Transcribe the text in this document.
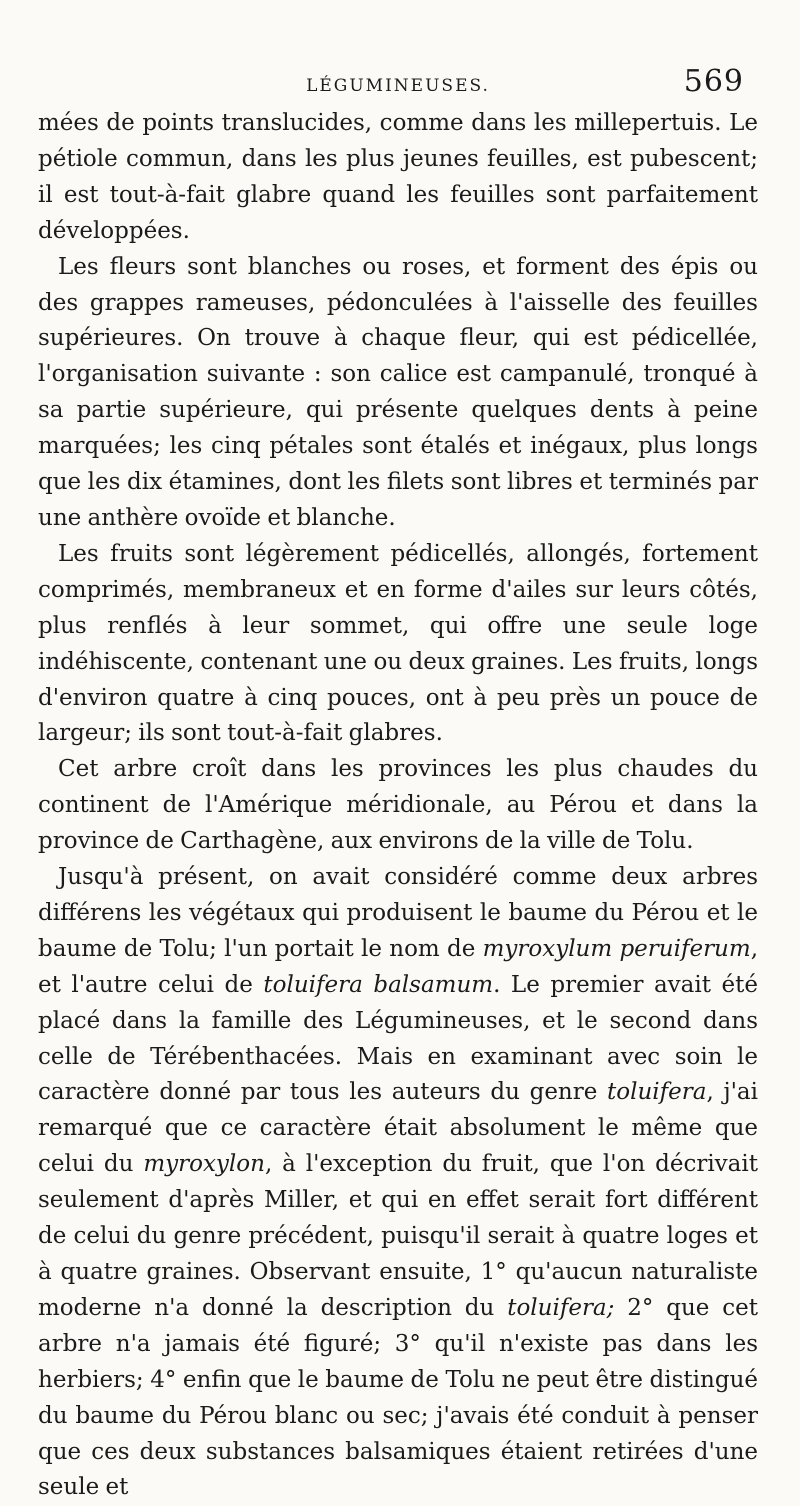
LÉGUMINEUSES.	569

mées de points translucides, comme dans les millepertuis. Le pétiole commun, dans les plus jeunes feuilles, est pubescent; il est tout-à-fait glabre quand les feuilles sont parfaitement développées.

Les fleurs sont blanches ou roses, et forment des épis ou des grappes rameuses, pédonculées à l'aisselle des feuilles supérieures. On trouve à chaque fleur, qui est pédicellée, l'organisation suivante : son calice est campanulé, tronqué à sa partie supérieure, qui présente quelques dents à peine marquées; les cinq pétales sont étalés et inégaux, plus longs que les dix étamines, dont les filets sont libres et terminés par une anthère ovoïde et blanche.

Les fruits sont légèrement pédicellés, allongés, fortement comprimés, membraneux et en forme d'ailes sur leurs côtés, plus renflés à leur sommet, qui offre une seule loge indéhiscente, contenant une ou deux graines. Les fruits, longs d'environ quatre à cinq pouces, ont à peu près un pouce de largeur; ils sont tout-à-fait glabres.

Cet arbre croît dans les provinces les plus chaudes du continent de l'Amérique méridionale, au Pérou et dans la province de Carthagène, aux environs de la ville de Tolu.

Jusqu'à présent, on avait considéré comme deux arbres différens les végétaux qui produisent le baume du Pérou et le baume de Tolu; l'un portait le nom de myroxylum peruiferum, et l'autre celui de toluifera balsamum. Le premier avait été placé dans la famille des Légumineuses, et le second dans celle de Térébenthacées. Mais en examinant avec soin le caractère donné par tous les auteurs du genre toluifera, j'ai remarqué que ce caractère était absolument le même que celui du myroxylon, à l'exception du fruit, que l'on décrivait seulement d'après Miller, et qui en effet serait fort différent de celui du genre précédent, puisqu'il serait à quatre loges et à quatre graines. Observant ensuite, 1° qu'aucun naturaliste moderne n'a donné la description du toluifera; 2° que cet arbre n'a jamais été figuré; 3° qu'il n'existe pas dans les herbiers; 4° enfin que le baume de Tolu ne peut être distingué du baume du Pérou blanc ou sec; j'avais été conduit à penser que ces deux substances balsamiques étaient retirées d'une seule et
